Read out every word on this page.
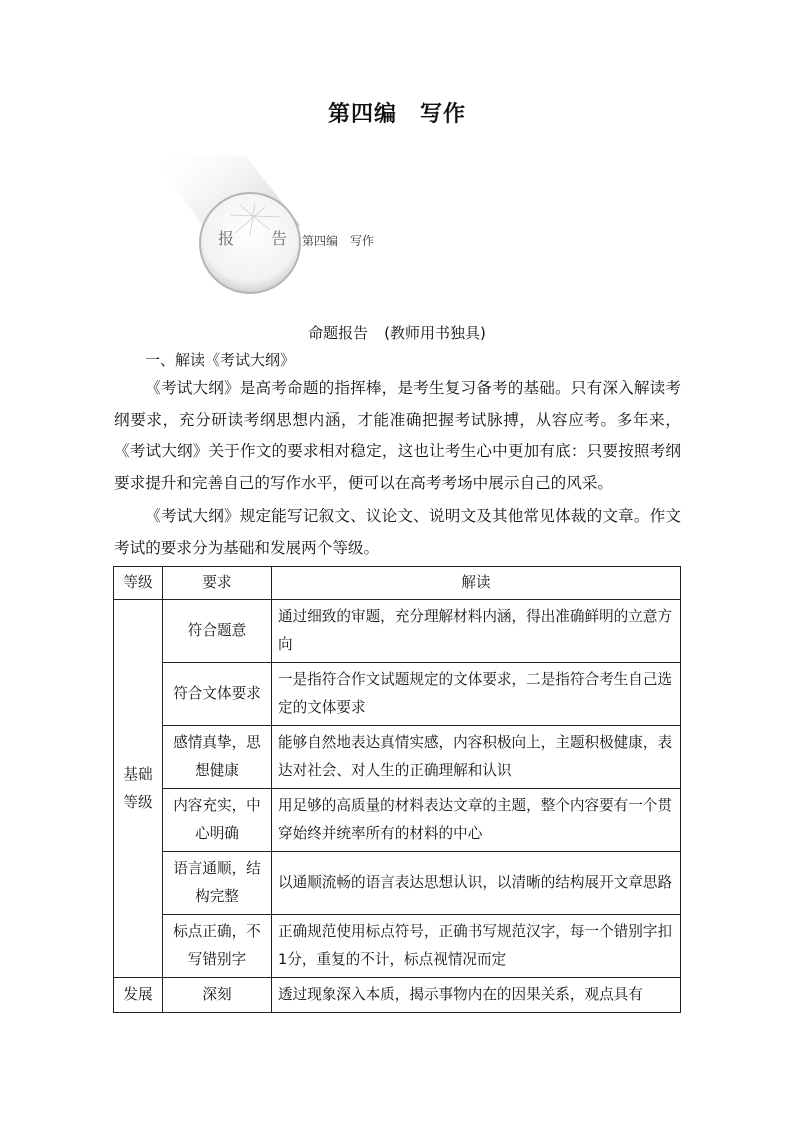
第四编　写作
报 告
第四编　写作
命题报告 (教师用书独具)
一、解读《考试大纲》
《考试大纲》是高考命题的指挥棒，是考生复习备考的基础。只有深入解读考纲要求，充分研读考纲思想内涵，才能准确把握考试脉搏，从容应考。多年来，《考试大纲》关于作文的要求相对稳定，这也让考生心中更加有底：只要按照考纲要求提升和完善自己的写作水平，便可以在高考考场中展示自己的风采。
《考试大纲》规定能写记叙文、议论文、说明文及其他常见体裁的文章。作文考试的要求分为基础和发展两个等级。
等级	要求	解读
基础等级	符合题意	通过细致的审题，充分理解材料内涵，得出准确鲜明的立意方向
	符合文体要求	一是指符合作文试题规定的文体要求，二是指符合考生自己选定的文体要求
	感情真挚，思想健康	能够自然地表达真情实感，内容积极向上，主题积极健康，表达对社会、对人生的正确理解和认识
	内容充实，中心明确	用足够的高质量的材料表达文章的主题，整个内容要有一个贯穿始终并统率所有的材料的中心
	语言通顺，结构完整	以通顺流畅的语言表达思想认识，以清晰的结构展开文章思路
	标点正确，不写错别字	正确规范使用标点符号，正确书写规范汉字，每一个错别字扣1分，重复的不计，标点视情况而定
发展	深刻	透过现象深入本质，揭示事物内在的因果关系，观点具有
